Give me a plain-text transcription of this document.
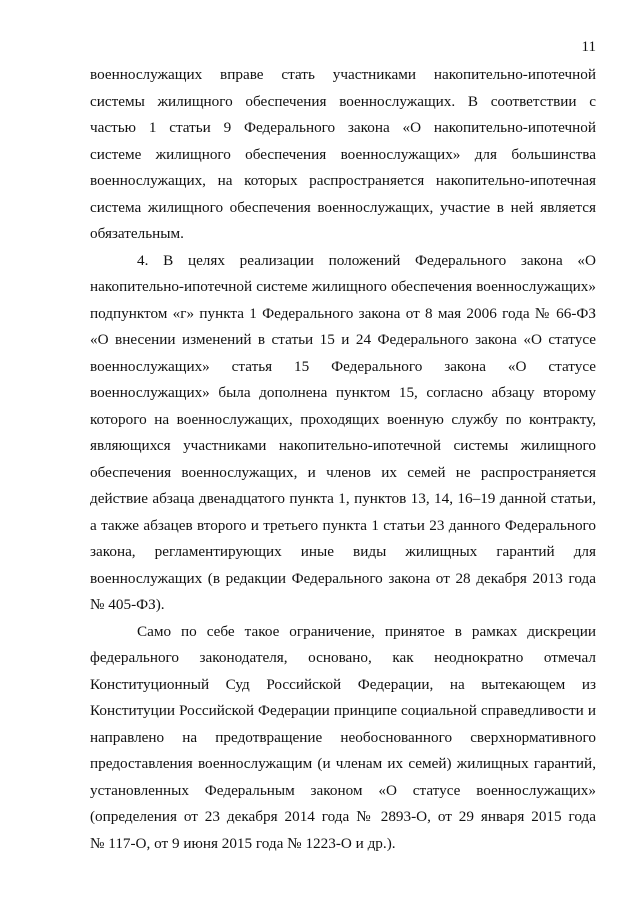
11
военнослужащих вправе стать участниками накопительно-ипотечной
системы жилищного обеспечения военнослужащих. В соответствии с
частью 1 статьи 9 Федерального закона «О накопительно-ипотечной
системе жилищного обеспечения военнослужащих» для большинства
военнослужащих, на которых распространяется накопительно-ипотечная
система жилищного обеспечения военнослужащих, участие в ней является
обязательным.
4. В целях реализации положений Федерального закона «О
накопительно-ипотечной системе жилищного обеспечения военнослужащих»
подпунктом «г» пункта 1 Федерального закона от 8 мая 2006 года № 66-ФЗ
«О внесении изменений в статьи 15 и 24 Федерального закона «О статусе
военнослужащих» статья 15 Федерального закона «О статусе
военнослужащих» была дополнена пунктом 15, согласно абзацу второму
которого на военнослужащих, проходящих военную службу по контракту,
являющихся участниками накопительно-ипотечной системы жилищного
обеспечения военнослужащих, и членов их семей не распространяется
действие абзаца двенадцатого пункта 1, пунктов 13, 14, 16–19 данной статьи,
а также абзацев второго и третьего пункта 1 статьи 23 данного Федерального
закона, регламентирующих иные виды жилищных гарантий для
военнослужащих (в редакции Федерального закона от 28 декабря 2013 года
№ 405-ФЗ).
Само по себе такое ограничение, принятое в рамках дискреции
федерального законодателя, основано, как неоднократно отмечал
Конституционный Суд Российской Федерации, на вытекающем из
Конституции Российской Федерации принципе социальной справедливости и
направлено на предотвращение необоснованного сверхнормативного
предоставления военнослужащим (и членам их семей) жилищных гарантий,
установленных Федеральным законом «О статусе военнослужащих»
(определения от 23 декабря 2014 года № 2893-О, от 29 января 2015 года
№ 117-О, от 9 июня 2015 года № 1223-О и др.).
